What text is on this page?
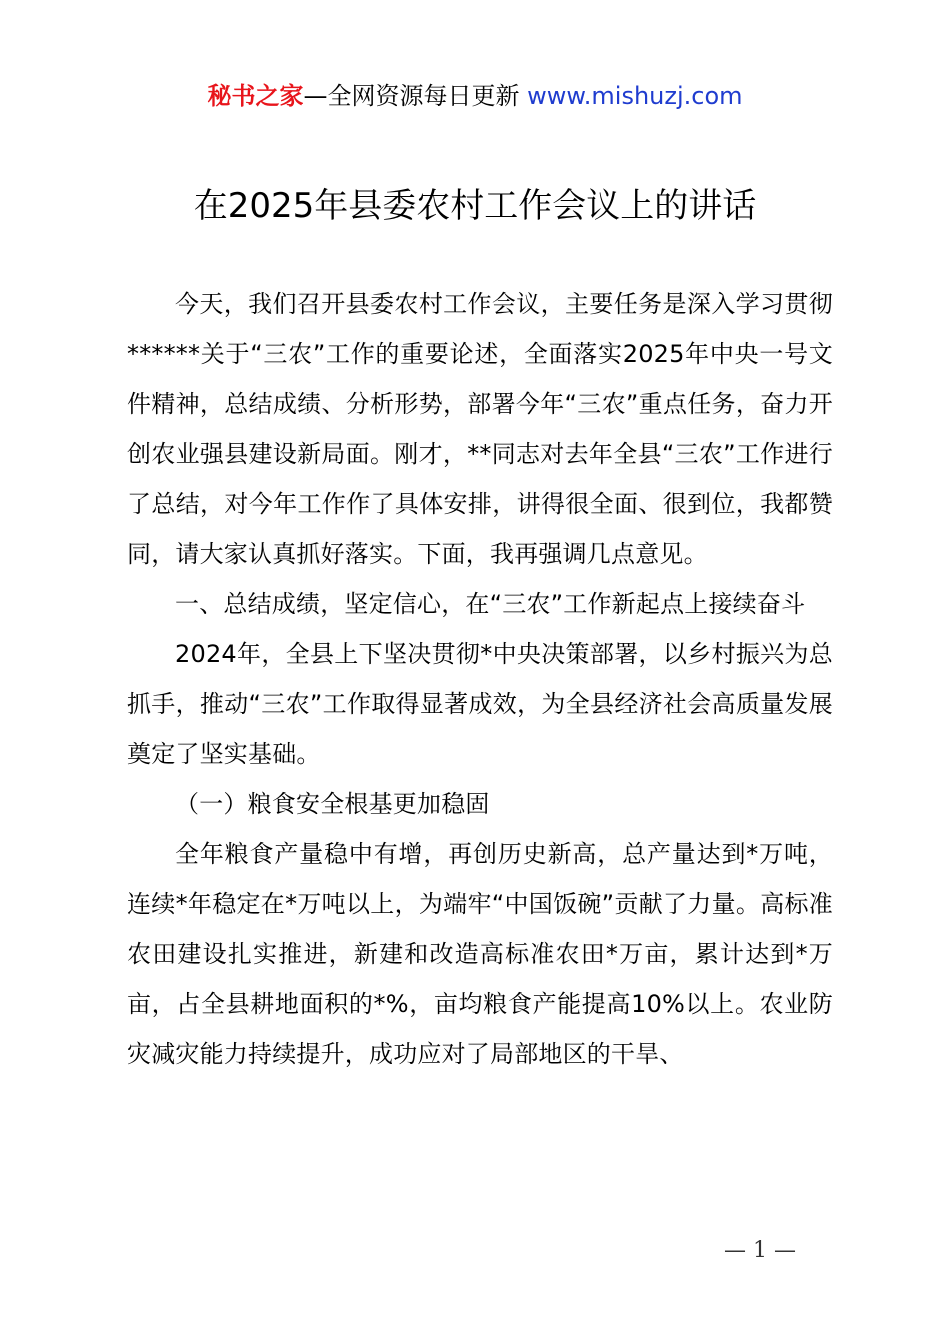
秘书之家—全网资源每日更新 www.mishuzj.com
在2025年县委农村工作会议上的讲话

今天，我们召开县委农村工作会议，主要任务是深入学习贯彻******关于“三农”工作的重要论述，全面落实2025年中央一号文件精神，总结成绩、分析形势，部署今年“三农”重点任务，奋力开创农业强县建设新局面。刚才，**同志对去年全县“三农”工作进行了总结，对今年工作作了具体安排，讲得很全面、很到位，我都赞同，请大家认真抓好落实。下面，我再强调几点意见。

一、总结成绩，坚定信心，在“三农”工作新起点上接续奋斗

2024年，全县上下坚决贯彻*中央决策部署，以乡村振兴为总抓手，推动“三农”工作取得显著成效，为全县经济社会高质量发展奠定了坚实基础。

（一）粮食安全根基更加稳固

全年粮食产量稳中有增，再创历史新高，总产量达到*万吨，连续*年稳定在*万吨以上，为端牢“中国饭碗”贡献了力量。高标准农田建设扎实推进，新建和改造高标准农田*万亩，累计达到*万亩，占全县耕地面积的*%，亩均粮食产能提高10%以上。农业防灾减灾能力持续提升，成功应对了局部地区的干旱、

— 1 —
